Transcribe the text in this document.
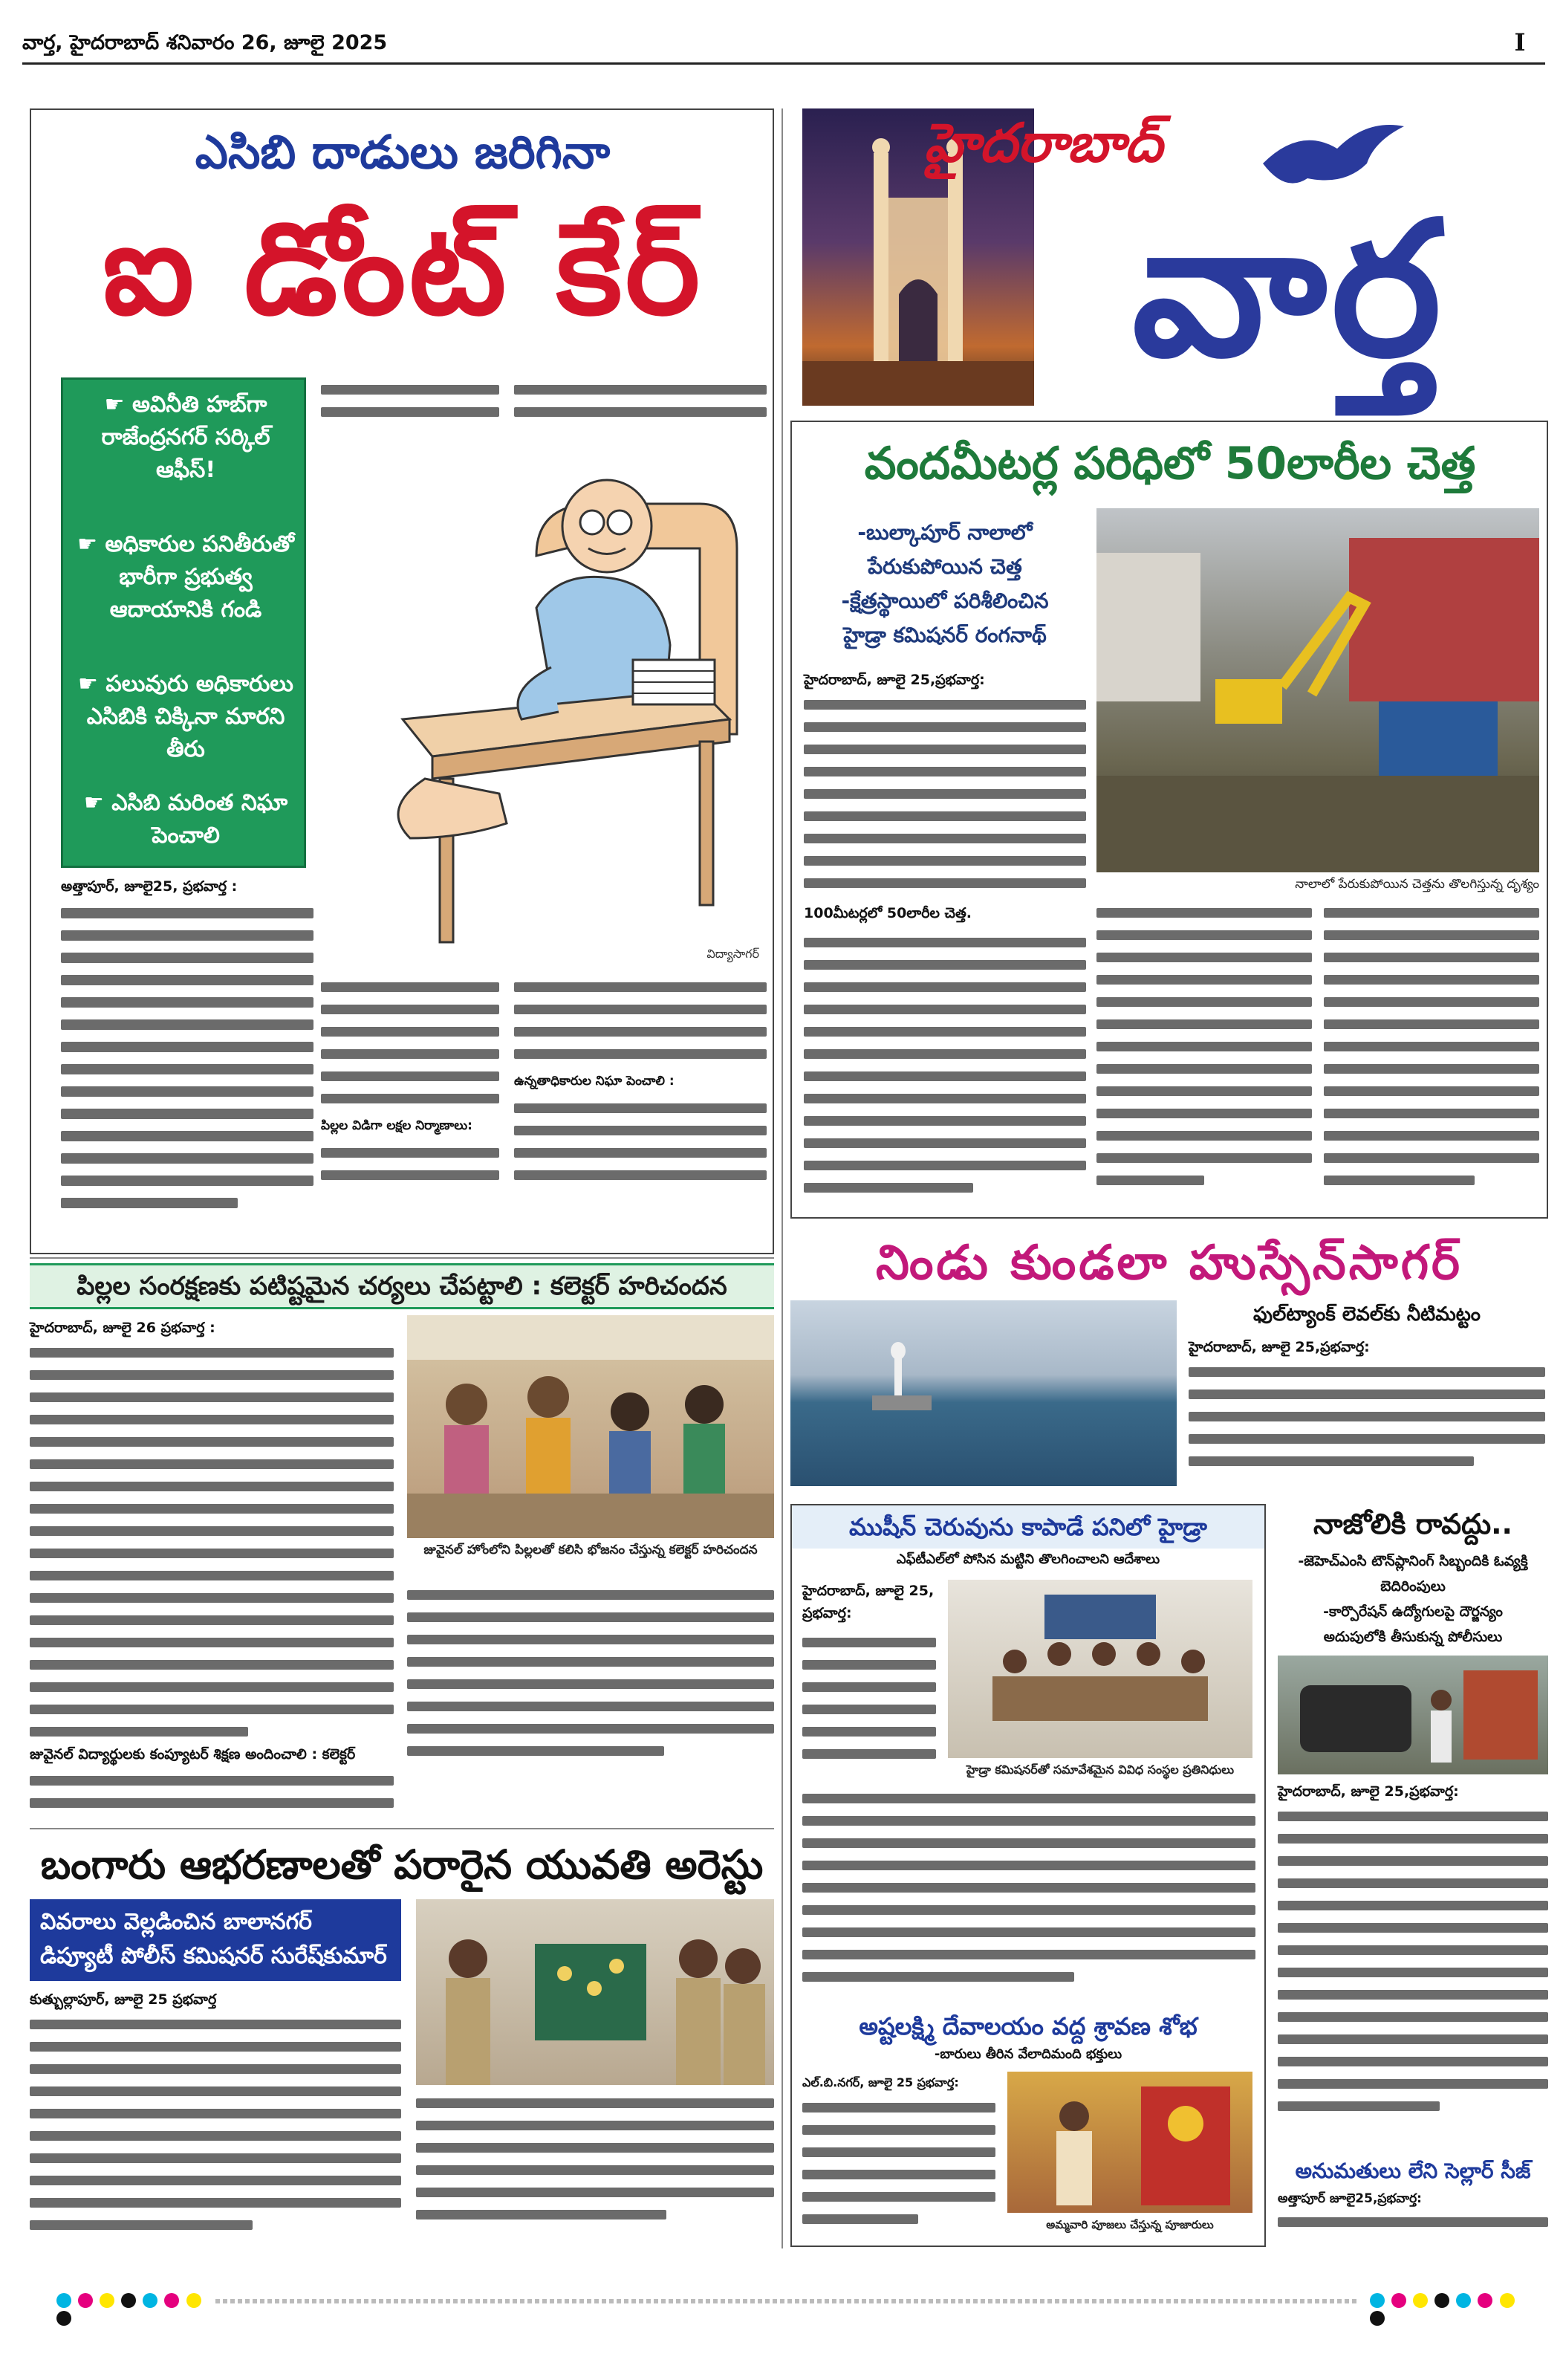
వార్త, హైదరాబాద్ శనివారం 26, జూలై 2025	I
ఎసిబి దాడులు జరిగినా
ఐ డోంట్ కేర్
☛ అవినీతి హబ్‌గా రాజేంద్రనగర్ సర్కిల్ ఆఫీస్!
☛ అధికారుల పనితీరుతో భారీగా ప్రభుత్వ ఆదాయానికి గండి
☛ పలువురు అధికారులు ఎసిబికి చిక్కినా మారని తీరు
☛ ఎసిబి మరింత నిఘా పెంచాలి
అత్తాపూర్, జూలై25, ప్రభవార్త :
విద్యాసాగర్
ఉన్నతాధికారుల నిఘా పెంచాలి :
పిల్లల విడిగా లక్షల నిర్మాణాలు:
హైదరాబాద్
వార్త
వందమీటర్ల పరిధిలో 50లారీల చెత్త
-బుల్కాపూర్ నాలాలో
పేరుకుపోయిన చెత్త
-క్షేత్రస్థాయిలో పరిశీలించిన
హైడ్రా కమిషనర్ రంగనాథ్
నాలాలో పేరుకుపోయిన చెత్తను తొలగిస్తున్న దృశ్యం
హైదరాబాద్, జూలై 25,ప్రభవార్త:
100మీటర్లలో 50లారీల చెత్త.
నిండు కుండలా హుస్సేన్‌సాగర్
ఫుల్‌ట్యాంక్ లెవల్‌కు నీటిమట్టం
హైదరాబాద్, జూలై 25,ప్రభవార్త:
పిల్లల సంరక్షణకు పటిష్టమైన చర్యలు చేపట్టాలి : కలెక్టర్ హరిచందన
హైదరాబాద్, జూలై 26 ప్రభవార్త :
జువైనల్ విద్యార్థులకు కంప్యూటర్ శిక్షణ అందించాలి : కలెక్టర్
జువైనల్ హోంలోని పిల్లలతో కలిసి భోజనం చేస్తున్న కలెక్టర్ హరిచందన
బంగారు ఆభరణాలతో పరారైన యువతి అరెస్టు
వివరాలు వెల్లడించిన బాలానగర్ డిప్యూటీ పోలీస్ కమిషనర్ సురేష్‌కుమార్
కుత్బుల్లాపూర్, జూలై 25 ప్రభవార్త
ముషీన్ చెరువును కాపాడే పనిలో హైడ్రా
ఎఫ్‌టీఎల్‌లో పోసిన మట్టిని తొలగించాలని ఆదేశాలు
హైదరాబాద్, జూలై 25, ప్రభవార్త:
హైడ్రా కమిషనర్‌తో సమావేశమైన వివిధ సంస్థల ప్రతినిధులు
అష్టలక్ష్మి దేవాలయం వద్ద శ్రావణ శోభ
-బారులు తీరిన వేలాదిమంది భక్తులు
ఎల్.బి.నగర్, జూలై 25 ప్రభవార్త:
అమ్మవారి పూజలు చేస్తున్న పూజారులు
నాజోలికి రావద్దు..
-జెహెచ్‌ఎంసి టౌన్‌ప్లానింగ్ సిబ్బందికి ఓవ్యక్తి బెదిరింపులు
-కార్పొరేషన్ ఉద్యోగులపై దౌర్జన్యం
అదుపులోకి తీసుకున్న పోలీసులు
హైదరాబాద్, జూలై 25,ప్రభవార్త:
అనుమతులు లేని సెల్లార్ సీజ్
అత్తాపూర్ జూలై25,ప్రభవార్త:
